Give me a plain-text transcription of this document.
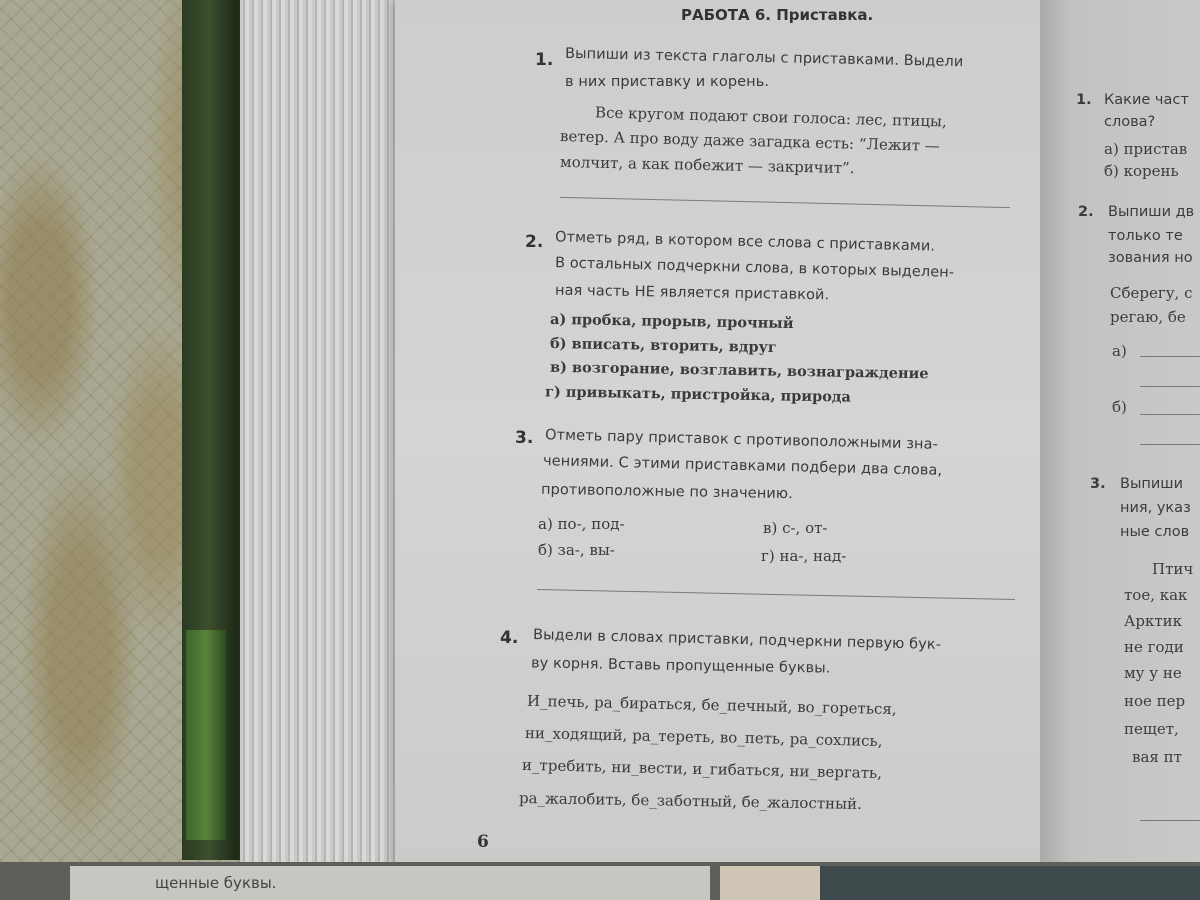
РАБОТА 6. Приставка.
1. Выпиши из текста глаголы с приставками. Выдели
в них приставку и корень.
Все кругом подают свои голоса: лес, птицы,
ветер. А про воду даже загадка есть: “Лежит —
молчит, а как побежит — закричит”.
2. Отметь ряд, в котором все слова с приставками.
В остальных подчеркни слова, в которых выделен-
ная часть НЕ является приставкой.
а) пробка, прорыв, прочный
б) вписать, вторить, вдруг
в) возгорание, возглавить, вознаграждение
г) привыкать, пристройка, природа
3. Отметь пару приставок с противоположными зна-
чениями. С этими приставками подбери два слова,
противоположные по значению.
а) по-, под-
б) за-, вы-
в) с-, от-
г) на-, над-
4. Выдели в словах приставки, подчеркни первую бук-
ву корня. Вставь пропущенные буквы.
И_печь, ра_бираться, бе_печный, во_гореться,
ни_ходящий, ра_тереть, во_петь, ра_сохлись,
и_требить, ни_вести, и_гибаться, ни_вергать,
ра_жалобить, бе_заботный, бе_жалостный.
6
1. Какие част
слова?
а) пристав
б) корень
2. Выпиши дв
только те
зования но
Сберегу, с
регаю, бе
а)
б)
3. Выпиши
ния, указ
ные слов
Птич
тое, как
Арктик
не годи
му у не
ное пер
пещет,
вая пт
щенные буквы.
